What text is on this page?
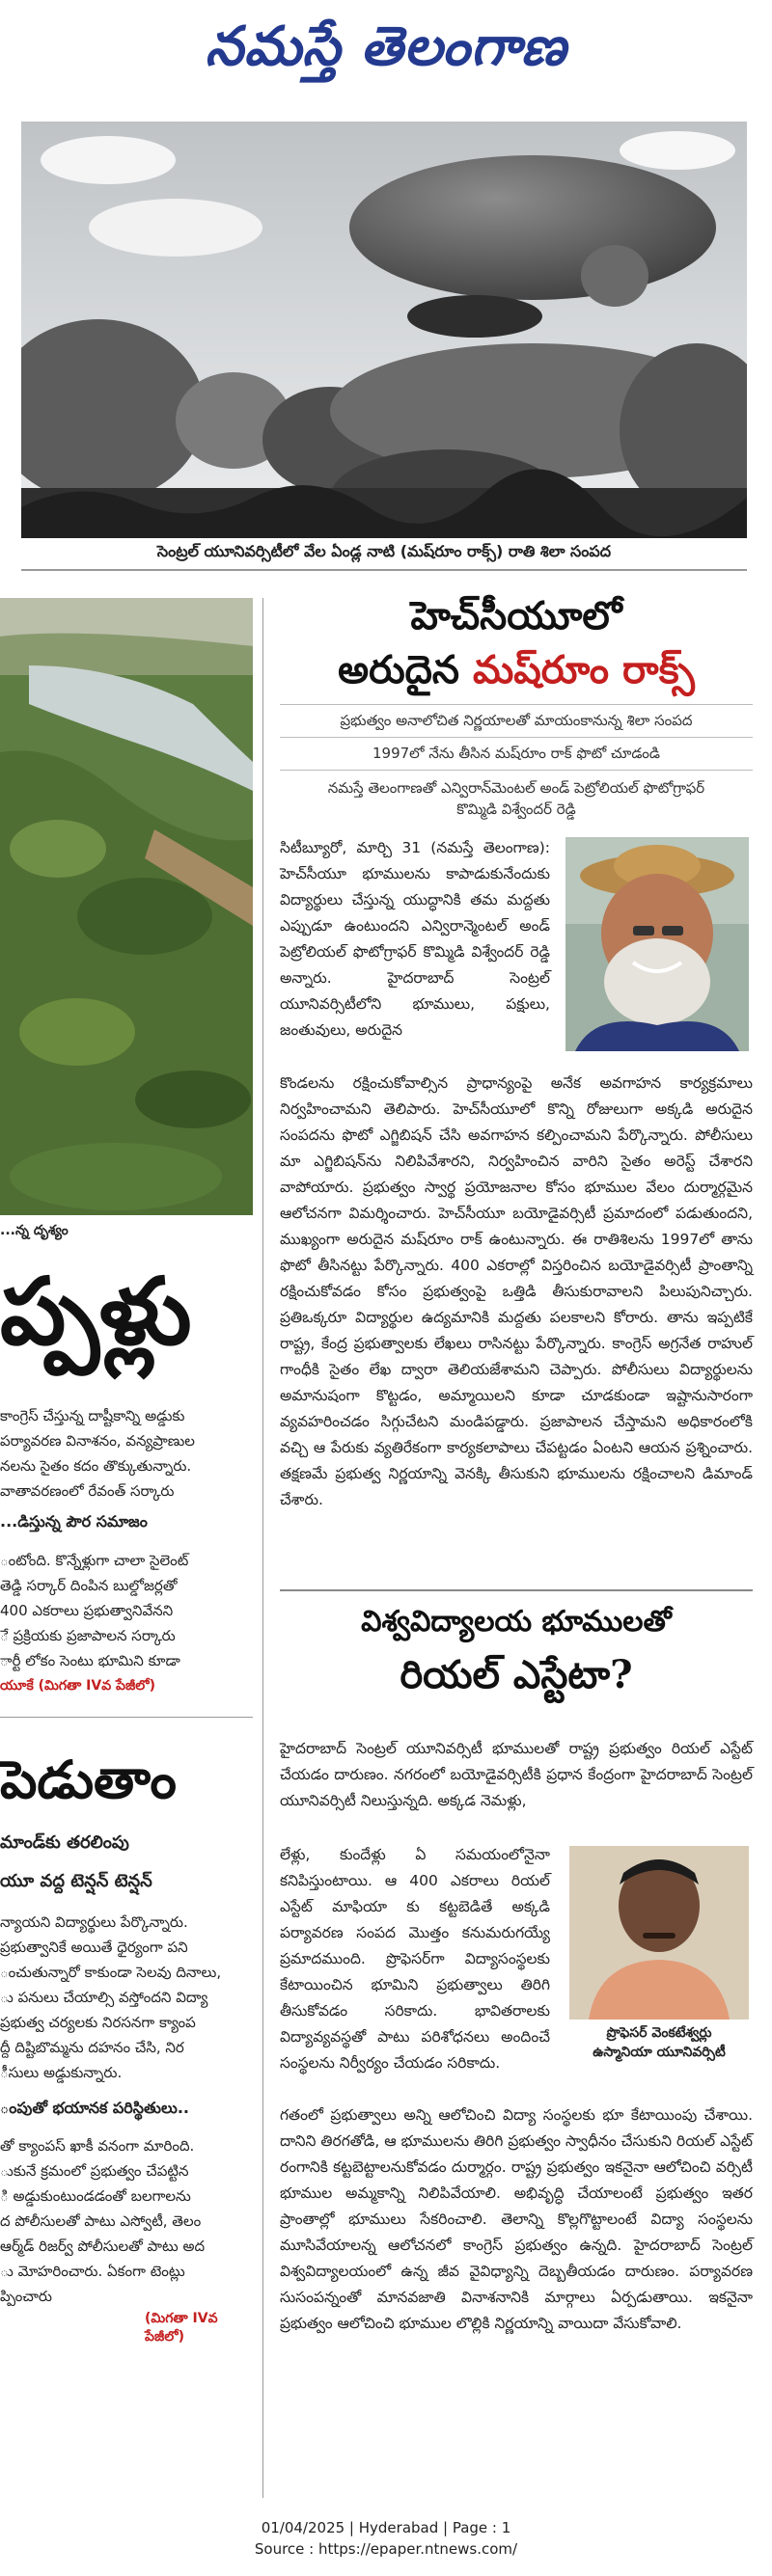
నమస్తే తెలంగాణ
సెంట్రల్ యూనివర్సిటీలో వేల ఏండ్ల నాటి (మష్‌రూం రాక్స్) రాతి శిలా సంపద
...న్న దృశ్యం
ప్పళ్లు
కాంగ్రెస్ చేస్తున్న దాష్టీకాన్ని అడ్డుకు
పర్యావరణ వినాశనం, వన్యప్రాణుల
నలను సైతం కదం తొక్కుతున్నారు.
వాతావరణంలో రేవంత్ సర్కారు
...డిస్తున్న పౌర సమాజం
ంటోంది. కొన్నేళ్లుగా చాలా సైలెంట్
తెడ్డి సర్కార్ దింపిన బుల్డోజర్లతో
400 ఎకరాలు ప్రభుత్వానివేనని
ే ప్రక్రియకు ప్రజాపాలన సర్కారు
ార్టీ లోకం సెంటు భూమిని కూడా
యూకే (మిగతా IVవ పేజీలో)
పెడుతాం
మాండ్‌కు తరలింపు
యూ వద్ద టెన్షన్ టెన్షన్
న్యాయని విద్యార్థులు పేర్కొన్నారు.
ప్రభుత్వానికే అయితే ధైర్యంగా పని
ంచుతున్నారో కాకుండా సెలవు దినాలు,
ు పనులు చేయాల్సి వస్తోందని విద్యా
ప్రభుత్వ చర్యలకు నిరసనగా క్యాంప
ద్దీ దిష్టిబొమ్మను దహనం చేసి, నిర
ీసులు అడ్డుకున్నారు.
ంపుతో భయానక పరిస్థితులు..
తో క్యాంపస్ ఖాకీ వనంగా మారింది.
ుకునే క్రమంలో ప్రభుత్వం చేపట్టిన
ి అడ్డుకుంటుండడంతో బలగాలను
ద పోలీసులతో పాటు ఎస్వోటీ, తెలం
ఆర్మ్‌డ్ రిజర్వ్ పోలీసులతో పాటు అద
ు మోహరించారు. ఏకంగా టెంట్లు
ప్పించారు
(మిగతా IVవ పేజీలో)
హెచ్‌సీయూలో
అరుదైన మష్‌రూం రాక్స్
ప్రభుత్వం అనాలోచిత నిర్ణయాలతో మాయంకానున్న శిలా సంపద
1997లో నేను తీసిన మష్‌రూం రాక్ ఫొటో చూడండి
నమస్తే తెలంగాణతో ఎన్విరాన్‌మెంటల్ అండ్ పెట్రోలియల్ ఫొటోగ్రాఫర్ కొమ్మిడి విశ్వేందర్ రెడ్డి

సిటీబ్యూరో, మార్చి 31 (నమస్తే తెలంగాణ): హెచ్‌సీయూ భూములను కాపాడుకునేందుకు విద్యార్థులు చేస్తున్న యుద్ధానికి తమ మద్దతు ఎప్పుడూ ఉంటుందని ఎన్విరాన్మెంటల్ అండ్ పెట్రోలియల్ ఫొటోగ్రాఫర్ కొమ్మిడి విశ్వేందర్ రెడ్డి అన్నారు. హైదరాబాద్ సెంట్రల్ యూనివర్సిటీలోని భూములు, పక్షులు, జంతువులు, అరుదైన

కొండలను రక్షించుకోవాల్సిన ప్రాధాన్యంపై అనేక అవగాహన కార్యక్రమాలు నిర్వహించామని తెలిపారు. హెచ్‌సీయూలో కొన్ని రోజులుగా అక్కడి అరుదైన సంపదను ఫొటో ఎగ్జిబిషన్ చేసి అవగాహన కల్పించామని పేర్కొన్నారు. పోలీసులు మా ఎగ్జిబిషన్‌ను నిలిపివేశారని, నిర్వహించిన వారిని సైతం అరెస్ట్ చేశారని వాపోయారు. ప్రభుత్వం స్వార్థ ప్రయోజనాల కోసం భూముల వేలం దుర్మార్గమైన ఆలోచనగా విమర్శించారు. హెచ్‌సీయూ బయోడైవర్సిటీ ప్రమాదంలో పడుతుందని, ముఖ్యంగా అరుదైన మష్‌రూం రాక్ ఉంటున్నారు. ఈ రాతిశిలను 1997లో తాను ఫొటో తీసినట్టు పేర్కొన్నారు. 400 ఎకరాల్లో విస్తరించిన బయోడైవర్సిటీ ప్రాంతాన్ని రక్షించుకోవడం కోసం ప్రభుత్వంపై ఒత్తిడి తీసుకురావాలని పిలుపునిచ్చారు. ప్రతిఒక్కరూ విద్యార్థుల ఉద్యమానికి మద్దతు పలకాలని కోరారు. తాను ఇప్పటికే రాష్ట్ర, కేంద్ర ప్రభుత్వాలకు లేఖలు రాసినట్టు పేర్కొన్నారు. కాంగ్రెస్ అగ్రనేత రాహుల్ గాంధీకి సైతం లేఖ ద్వారా తెలియజేశామని చెప్పారు. పోలీసులు విద్యార్థులను అమానుషంగా కొట్టడం, అమ్మాయిలని కూడా చూడకుండా ఇష్టానుసారంగా వ్యవహరించడం సిగ్గుచేటని మండిపడ్డారు. ప్రజాపాలన చేస్తామని అధికారంలోకి వచ్చి ఆ పేరుకు వ్యతిరేకంగా కార్యకలాపాలు చేపట్టడం ఏంటని ఆయన ప్రశ్నించారు. తక్షణమే ప్రభుత్వ నిర్ణయాన్ని వెనక్కి తీసుకుని భూములను రక్షించాలని డిమాండ్ చేశారు.

విశ్వవిద్యాలయ భూములతో
రియల్ ఎస్టేటా?

హైదరాబాద్ సెంట్రల్ యూనివర్సిటీ భూములతో రాష్ట్ర ప్రభుత్వం రియల్ ఎస్టేట్ చేయడం దారుణం. నగరంలో బయోడైవర్సిటీకి ప్రధాన కేంద్రంగా హైదరాబాద్ సెంట్రల్ యూనివర్సిటీ నిలుస్తున్నది. అక్కడ నెమళ్లు,

లేళ్లు, కుందేళ్లు ఏ సమయంలోనైనా కనిపిస్తుంటాయి. ఆ 400 ఎకరాలు రియల్ ఎస్టేట్ మాఫియా కు కట్టబెడితే అక్కడి పర్యావరణ సంపద మొత్తం కనుమరుగయ్యే ప్రమాదముంది. ప్రొఫెసర్‌గా విద్యాసంస్థలకు కేటాయించిన భూమిని ప్రభుత్వాలు తిరిగి తీసుకోవడం సరికాదు. భావితరాలకు విద్యావ్యవస్థతో పాటు పరిశోధనలు అందించే సంస్థలను నిర్వీర్యం చేయడం సరికాదు.

ప్రొఫెసర్ వెంకటేశ్వర్లు
ఉస్మానియా యూనివర్సిటీ

గతంలో ప్రభుత్వాలు అన్ని ఆలోచించి విద్యా సంస్థలకు భూ కేటాయింపు చేశాయి. దానిని తిరగతోడి, ఆ భూములను తిరిగి ప్రభుత్వం స్వాధీనం చేసుకుని రియల్ ఎస్టేట్ రంగానికి కట్టబెట్టాలనుకోవడం దుర్మార్గం. రాష్ట్ర ప్రభుత్వం ఇకనైనా ఆలోచించి వర్సిటీ భూముల అమ్మకాన్ని నిలిపివేయాలి. అభివృద్ధి చేయాలంటే ప్రభుత్వం ఇతర ప్రాంతాల్లో భూములు సేకరించాలి. తెలాన్ని కొల్లగొట్టాలంటే విద్యా సంస్థలను మూసివేయాలన్న ఆలోచనలో కాంగ్రెస్ ప్రభుత్వం ఉన్నది. హైదరాబాద్ సెంట్రల్ విశ్వవిద్యాలయంలో ఉన్న జీవ వైవిధ్యాన్ని దెబ్బతీయడం దారుణం. పర్యావరణ సుసంపన్నంతో మానవజాతి వినాశనానికి మార్గాలు ఏర్పడుతాయి. ఇకనైనా ప్రభుత్వం ఆలోచించి భూముల లొల్లికి నిర్ణయాన్ని వాయిదా వేసుకోవాలి.

01/04/2025 | Hyderabad | Page : 1
Source : https://epaper.ntnews.com/
